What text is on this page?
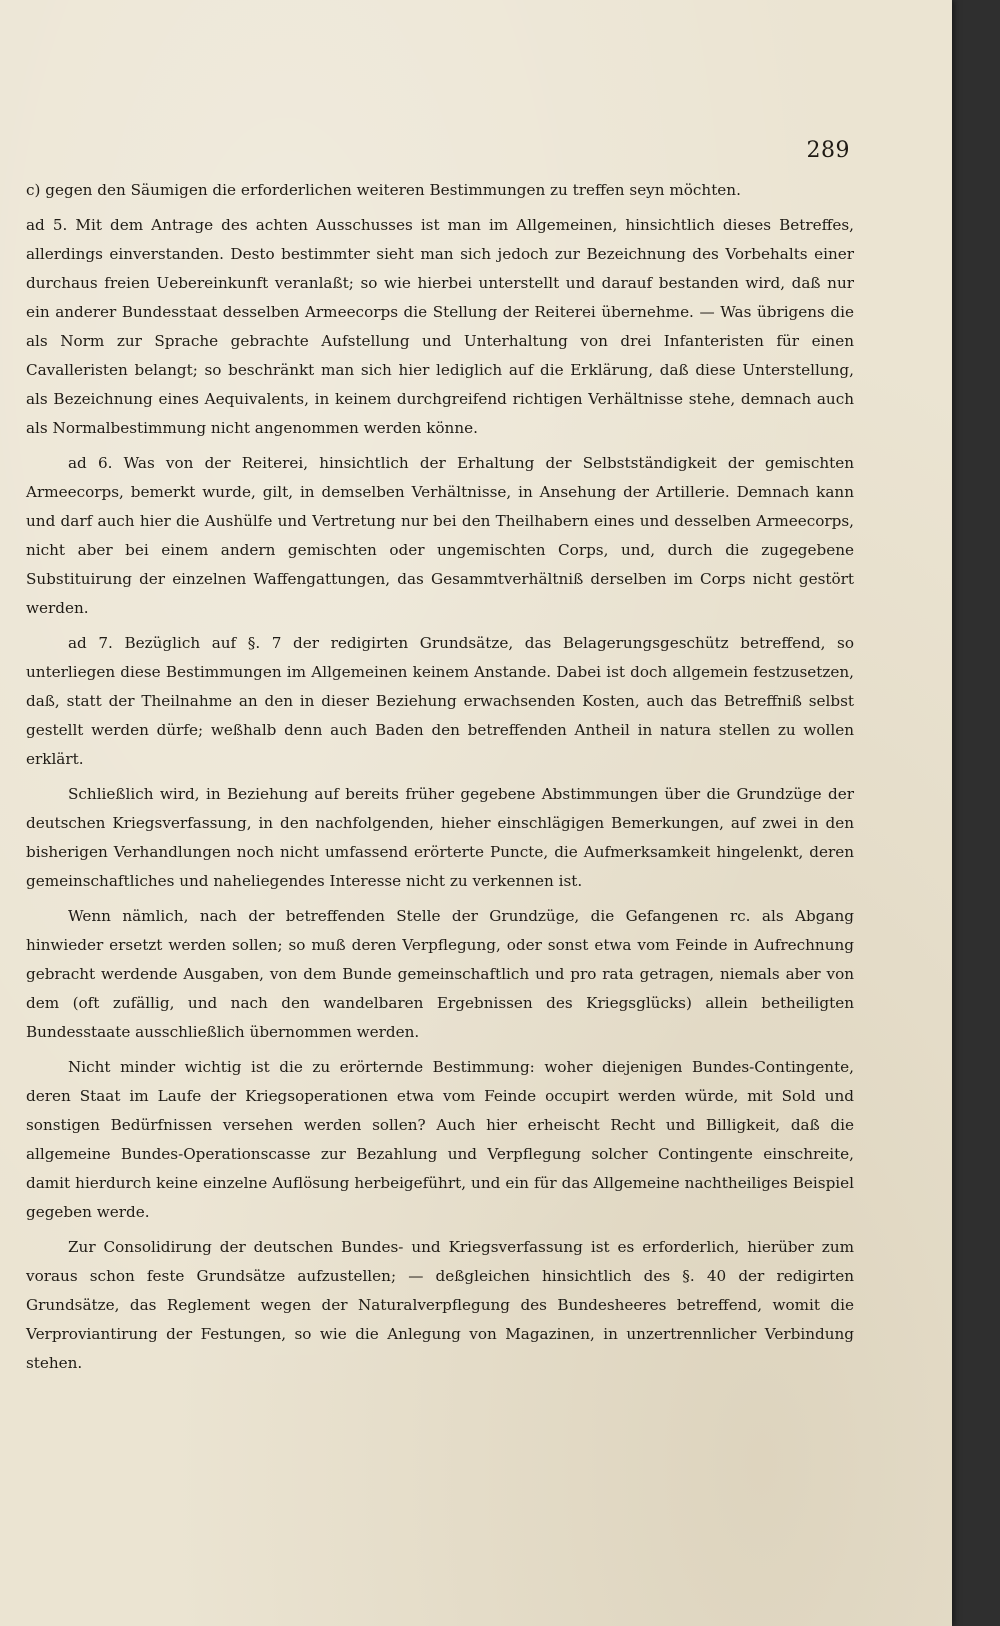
289

c) gegen den Säumigen die erforderlichen weiteren Bestimmungen zu treffen seyn möchten.

ad 5. Mit dem Antrage des achten Ausschusses ist man im Allgemeinen, hinsichtlich dieses Betreffes, allerdings einverstanden. Desto bestimmter sieht man sich jedoch zur Bezeichnung des Vorbehalts einer durchaus freien Uebereinkunft veranlaßt; so wie hierbei unterstellt und darauf bestanden wird, daß nur ein anderer Bundesstaat desselben Armeecorps die Stellung der Reiterei übernehme. — Was übrigens die als Norm zur Sprache gebrachte Aufstellung und Unterhaltung von drei Infanteristen für einen Cavalleristen belangt; so beschränkt man sich hier lediglich auf die Erklärung, daß diese Unterstellung, als Bezeichnung eines Aequivalents, in keinem durchgreifend richtigen Verhältnisse stehe, demnach auch als Normalbestimmung nicht angenommen werden könne.

ad 6. Was von der Reiterei, hinsichtlich der Erhaltung der Selbstständigkeit der gemischten Armeecorps, bemerkt wurde, gilt, in demselben Verhältnisse, in Ansehung der Artillerie. Demnach kann und darf auch hier die Aushülfe und Vertretung nur bei den Theilhabern eines und desselben Armeecorps, nicht aber bei einem andern gemischten oder ungemischten Corps, und, durch die zugegebene Substituirung der einzelnen Waffengattungen, das Gesammtverhältniß derselben im Corps nicht gestört werden.

ad 7. Bezüglich auf §. 7 der redigirten Grundsätze, das Belagerungsgeschütz betreffend, so unterliegen diese Bestimmungen im Allgemeinen keinem Anstande. Dabei ist doch allgemein festzusetzen, daß, statt der Theilnahme an den in dieser Beziehung erwachsenden Kosten, auch das Betreffniß selbst gestellt werden dürfe; weßhalb denn auch Baden den betreffenden Antheil in natura stellen zu wollen erklärt.

Schließlich wird, in Beziehung auf bereits früher gegebene Abstimmungen über die Grundzüge der deutschen Kriegsverfassung, in den nachfolgenden, hieher einschlägigen Bemerkungen, auf zwei in den bisherigen Verhandlungen noch nicht umfassend erörterte Puncte, die Aufmerksamkeit hingelenkt, deren gemeinschaftliches und naheliegendes Interesse nicht zu verkennen ist.

Wenn nämlich, nach der betreffenden Stelle der Grundzüge, die Gefangenen rc. als Abgang hinwieder ersetzt werden sollen; so muß deren Verpflegung, oder sonst etwa vom Feinde in Aufrechnung gebracht werdende Ausgaben, von dem Bunde gemeinschaftlich und pro rata getragen, niemals aber von dem (oft zufällig, und nach den wandelbaren Ergebnissen des Kriegsglücks) allein betheiligten Bundesstaate ausschließlich übernommen werden.

Nicht minder wichtig ist die zu erörternde Bestimmung: woher diejenigen Bundes-Contingente, deren Staat im Laufe der Kriegsoperationen etwa vom Feinde occupirt werden würde, mit Sold und sonstigen Bedürfnissen versehen werden sollen? Auch hier erheischt Recht und Billigkeit, daß die allgemeine Bundes-Operationscasse zur Bezahlung und Verpflegung solcher Contingente einschreite, damit hierdurch keine einzelne Auflösung herbeigeführt, und ein für das Allgemeine nachtheiliges Beispiel gegeben werde.

Zur Consolidirung der deutschen Bundes- und Kriegsverfassung ist es erforderlich, hierüber zum voraus schon feste Grundsätze aufzustellen; — deßgleichen hinsichtlich des §. 40 der redigirten Grundsätze, das Reglement wegen der Naturalverpflegung des Bundesheeres betreffend, womit die Verproviantirung der Festungen, so wie die Anlegung von Magazinen, in unzertrennlicher Verbindung stehen.
